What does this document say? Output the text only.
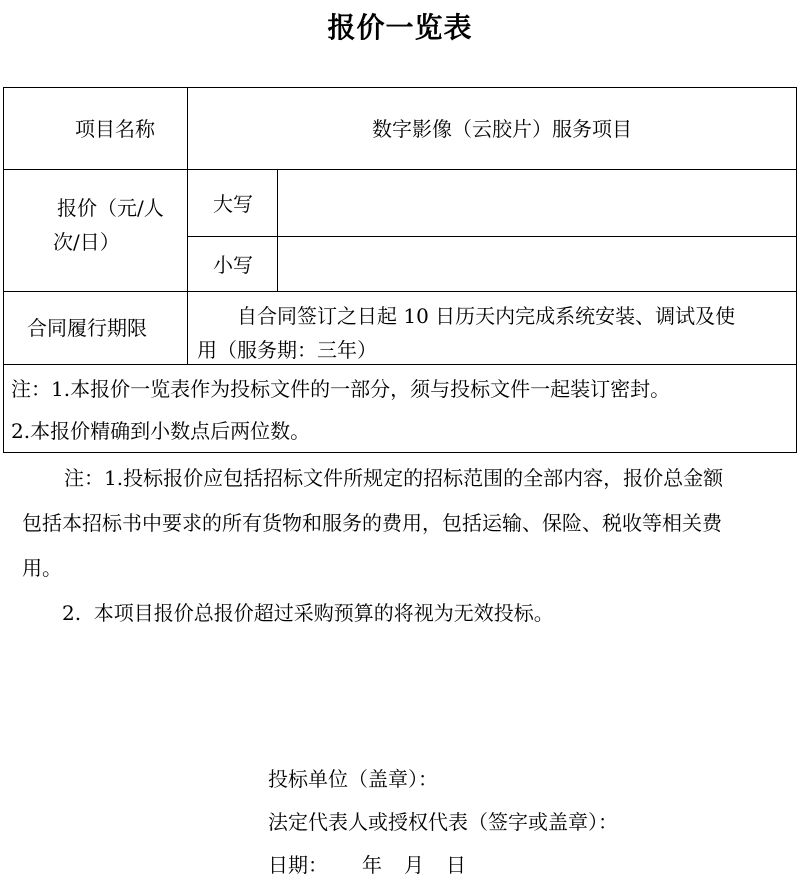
报价一览表
项目名称	数字影像（云胶片）服务项目
报价（元/人
次/日）
大写
小写
合同履行期限	自合同签订之日起 10 日历天内完成系统安装、调试及使
用（服务期：三年）
注：1.本报价一览表作为投标文件的一部分，须与投标文件一起装订密封。
2.本报价精确到小数点后两位数。

注：1.投标报价应包括招标文件所规定的招标范围的全部内容，报价总金额
包括本招标书中要求的所有货物和服务的费用，包括运输、保险、税收等相关费
用。

2.  本项目报价总报价超过采购预算的将视为无效投标。

投标单位（盖章）：
法定代表人或授权代表（签字或盖章）：
日期： 年 月 日
